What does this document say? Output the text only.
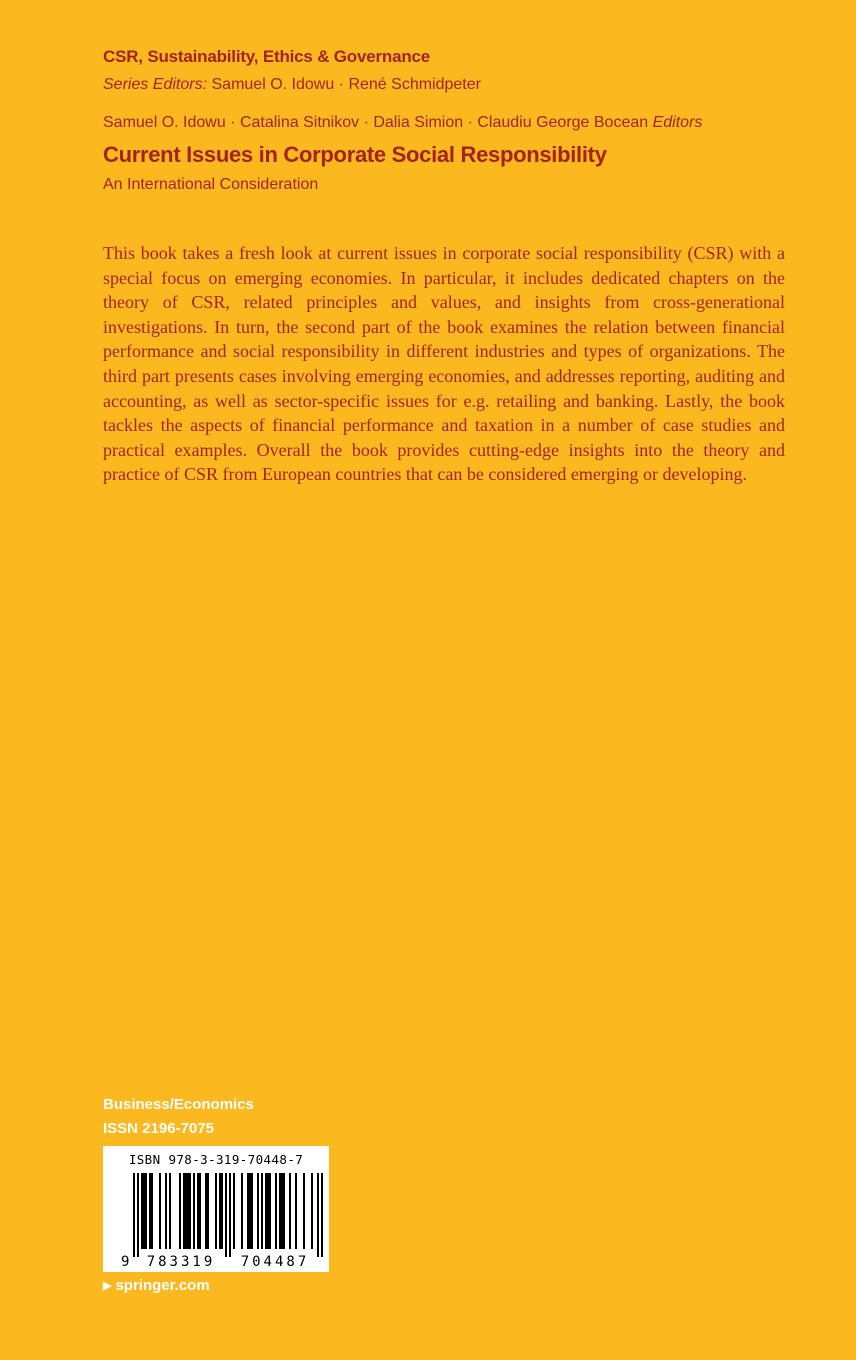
CSR, Sustainability, Ethics & Governance
Series Editors: Samuel O. Idowu · René Schmidpeter
Samuel O. Idowu · Catalina Sitnikov · Dalia Simion · Claudiu George Bocean Editors
Current Issues in Corporate Social Responsibility
An International Consideration

This book takes a fresh look at current issues in corporate social responsibility (CSR) with a special focus on emerging economies. In particular, it includes dedicated chapters on the theory of CSR, related principles and values, and insights from cross-generational investigations. In turn, the second part of the book examines the relation between financial performance and social responsibility in different industries and types of organizations. The third part presents cases involving emerging economies, and addresses reporting, auditing and accounting, as well as sector-specific issues for e.g. retailing and banking. Lastly, the book tackles the aspects of financial performance and taxation in a number of case studies and practical examples. Overall the book provides cutting-edge insights into the theory and practice of CSR from European countries that can be considered emerging or developing.

Business/Economics
ISSN 2196-7075
ISBN 978-3-319-70448-7
9 783319 704487
▶ springer.com
